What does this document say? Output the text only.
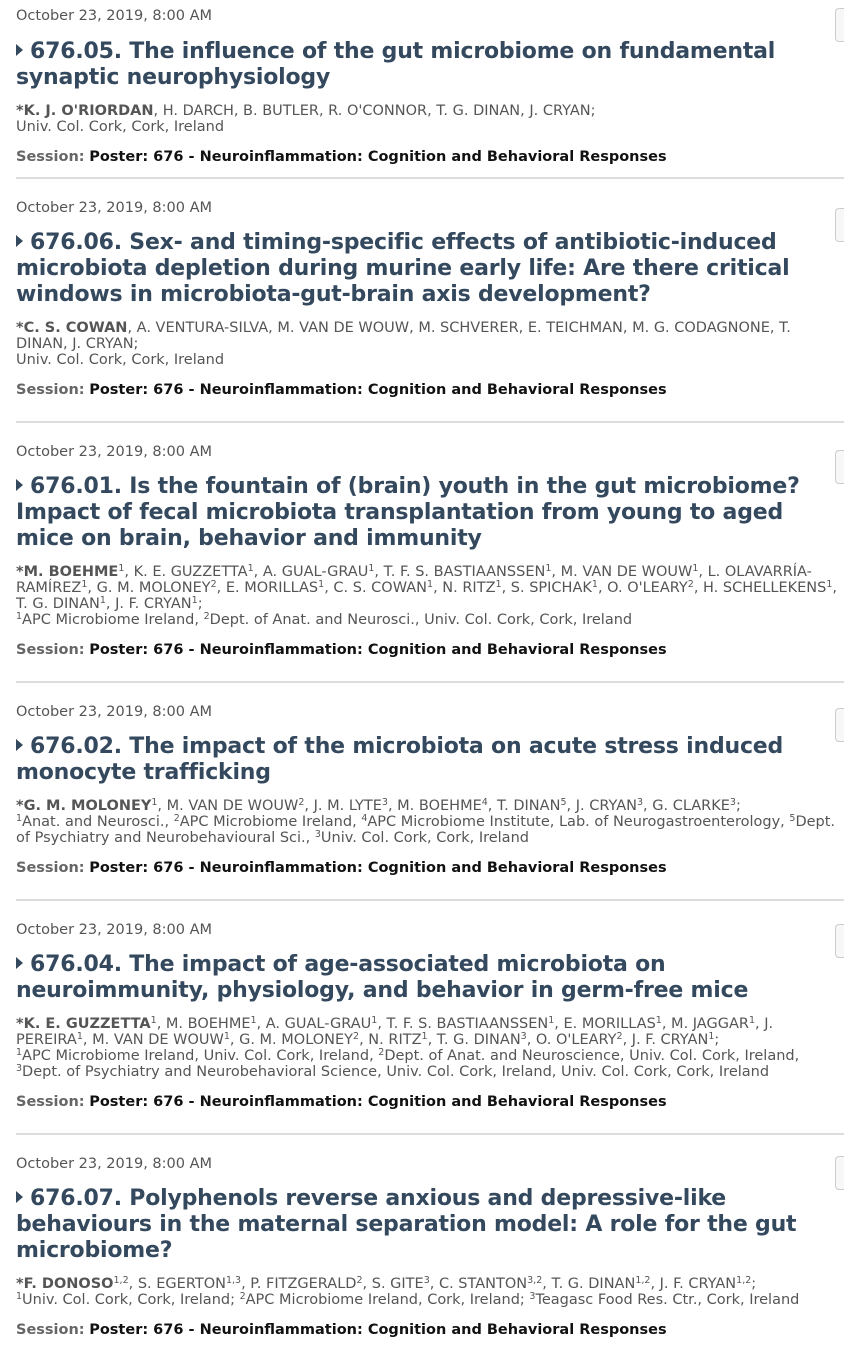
October 23, 2019, 8:00 AM
676.05. The influence of the gut microbiome on fundamental synaptic neurophysiology
*K. J. O'RIORDAN, H. DARCH, B. BUTLER, R. O'CONNOR, T. G. DINAN, J. CRYAN;
Univ. Col. Cork, Cork, Ireland
Session: Poster: 676 - Neuroinflammation: Cognition and Behavioral Responses
October 23, 2019, 8:00 AM
676.06. Sex- and timing-specific effects of antibiotic-induced microbiota depletion during murine early life: Are there critical windows in microbiota-gut-brain axis development?
*C. S. COWAN, A. VENTURA-SILVA, M. VAN DE WOUW, M. SCHVERER, E. TEICHMAN, M. G. CODAGNONE, T. DINAN, J. CRYAN;
Univ. Col. Cork, Cork, Ireland
Session: Poster: 676 - Neuroinflammation: Cognition and Behavioral Responses
October 23, 2019, 8:00 AM
676.01. Is the fountain of (brain) youth in the gut microbiome? Impact of fecal microbiota transplantation from young to aged mice on brain, behavior and immunity
*M. BOEHME$^1$, K. E. GUZZETTA$^1$, A. GUAL-GRAU$^1$, T. F. S. BASTIAANSSEN$^1$, M. VAN DE WOUW$^1$, L. OLAVARRÍA-RAMÍREZ$^1$, G. M. MOLONEY$^2$, E. MORILLAS$^1$, C. S. COWAN$^1$, N. RITZ$^1$, S. SPICHAK$^1$, O. O'LEARY$^2$, H. SCHELLEKENS$^1$, T. G. DINAN$^1$, J. F. CRYAN$^1$;
$^1$APC Microbiome Ireland, $^2$Dept. of Anat. and Neurosci., Univ. Col. Cork, Cork, Ireland
Session: Poster: 676 - Neuroinflammation: Cognition and Behavioral Responses
October 23, 2019, 8:00 AM
676.02. The impact of the microbiota on acute stress induced monocyte trafficking
*G. M. MOLONEY$^1$, M. VAN DE WOUW$^2$, J. M. LYTE$^3$, M. BOEHME$^4$, T. DINAN$^5$, J. CRYAN$^3$, G. CLARKE$^3$;
$^1$Anat. and Neurosci., $^2$APC Microbiome Ireland, $^4$APC Microbiome Institute, Lab. of Neurogastroenterology, $^5$Dept. of Psychiatry and Neurobehavioural Sci., $^3$Univ. Col. Cork, Cork, Ireland
Session: Poster: 676 - Neuroinflammation: Cognition and Behavioral Responses
October 23, 2019, 8:00 AM
676.04. The impact of age-associated microbiota on neuroimmunity, physiology, and behavior in germ-free mice
*K. E. GUZZETTA$^1$, M. BOEHME$^1$, A. GUAL-GRAU$^1$, T. F. S. BASTIAANSSEN$^1$, E. MORILLAS$^1$, M. JAGGAR$^1$, J. PEREIRA$^1$, M. VAN DE WOUW$^1$, G. M. MOLONEY$^2$, N. RITZ$^1$, T. G. DINAN$^3$, O. O'LEARY$^2$, J. F. CRYAN$^1$;
$^1$APC Microbiome Ireland, Univ. Col. Cork, Ireland, $^2$Dept. of Anat. and Neuroscience, Univ. Col. Cork, Ireland, $^3$Dept. of Psychiatry and Neurobehavioral Science, Univ. Col. Cork, Ireland, Univ. Col. Cork, Cork, Ireland
Session: Poster: 676 - Neuroinflammation: Cognition and Behavioral Responses
October 23, 2019, 8:00 AM
676.07. Polyphenols reverse anxious and depressive-like behaviours in the maternal separation model: A role for the gut microbiome?
*F. DONOSO$^{1,2}$, S. EGERTON$^{1,3}$, P. FITZGERALD$^2$, S. GITE$^3$, C. STANTON$^{3,2}$, T. G. DINAN$^{1,2}$, J. F. CRYAN$^{1,2}$;
$^1$Univ. Col. Cork, Cork, Ireland; $^2$APC Microbiome Ireland, Cork, Ireland; $^3$Teagasc Food Res. Ctr., Cork, Ireland
Session: Poster: 676 - Neuroinflammation: Cognition and Behavioral Responses
